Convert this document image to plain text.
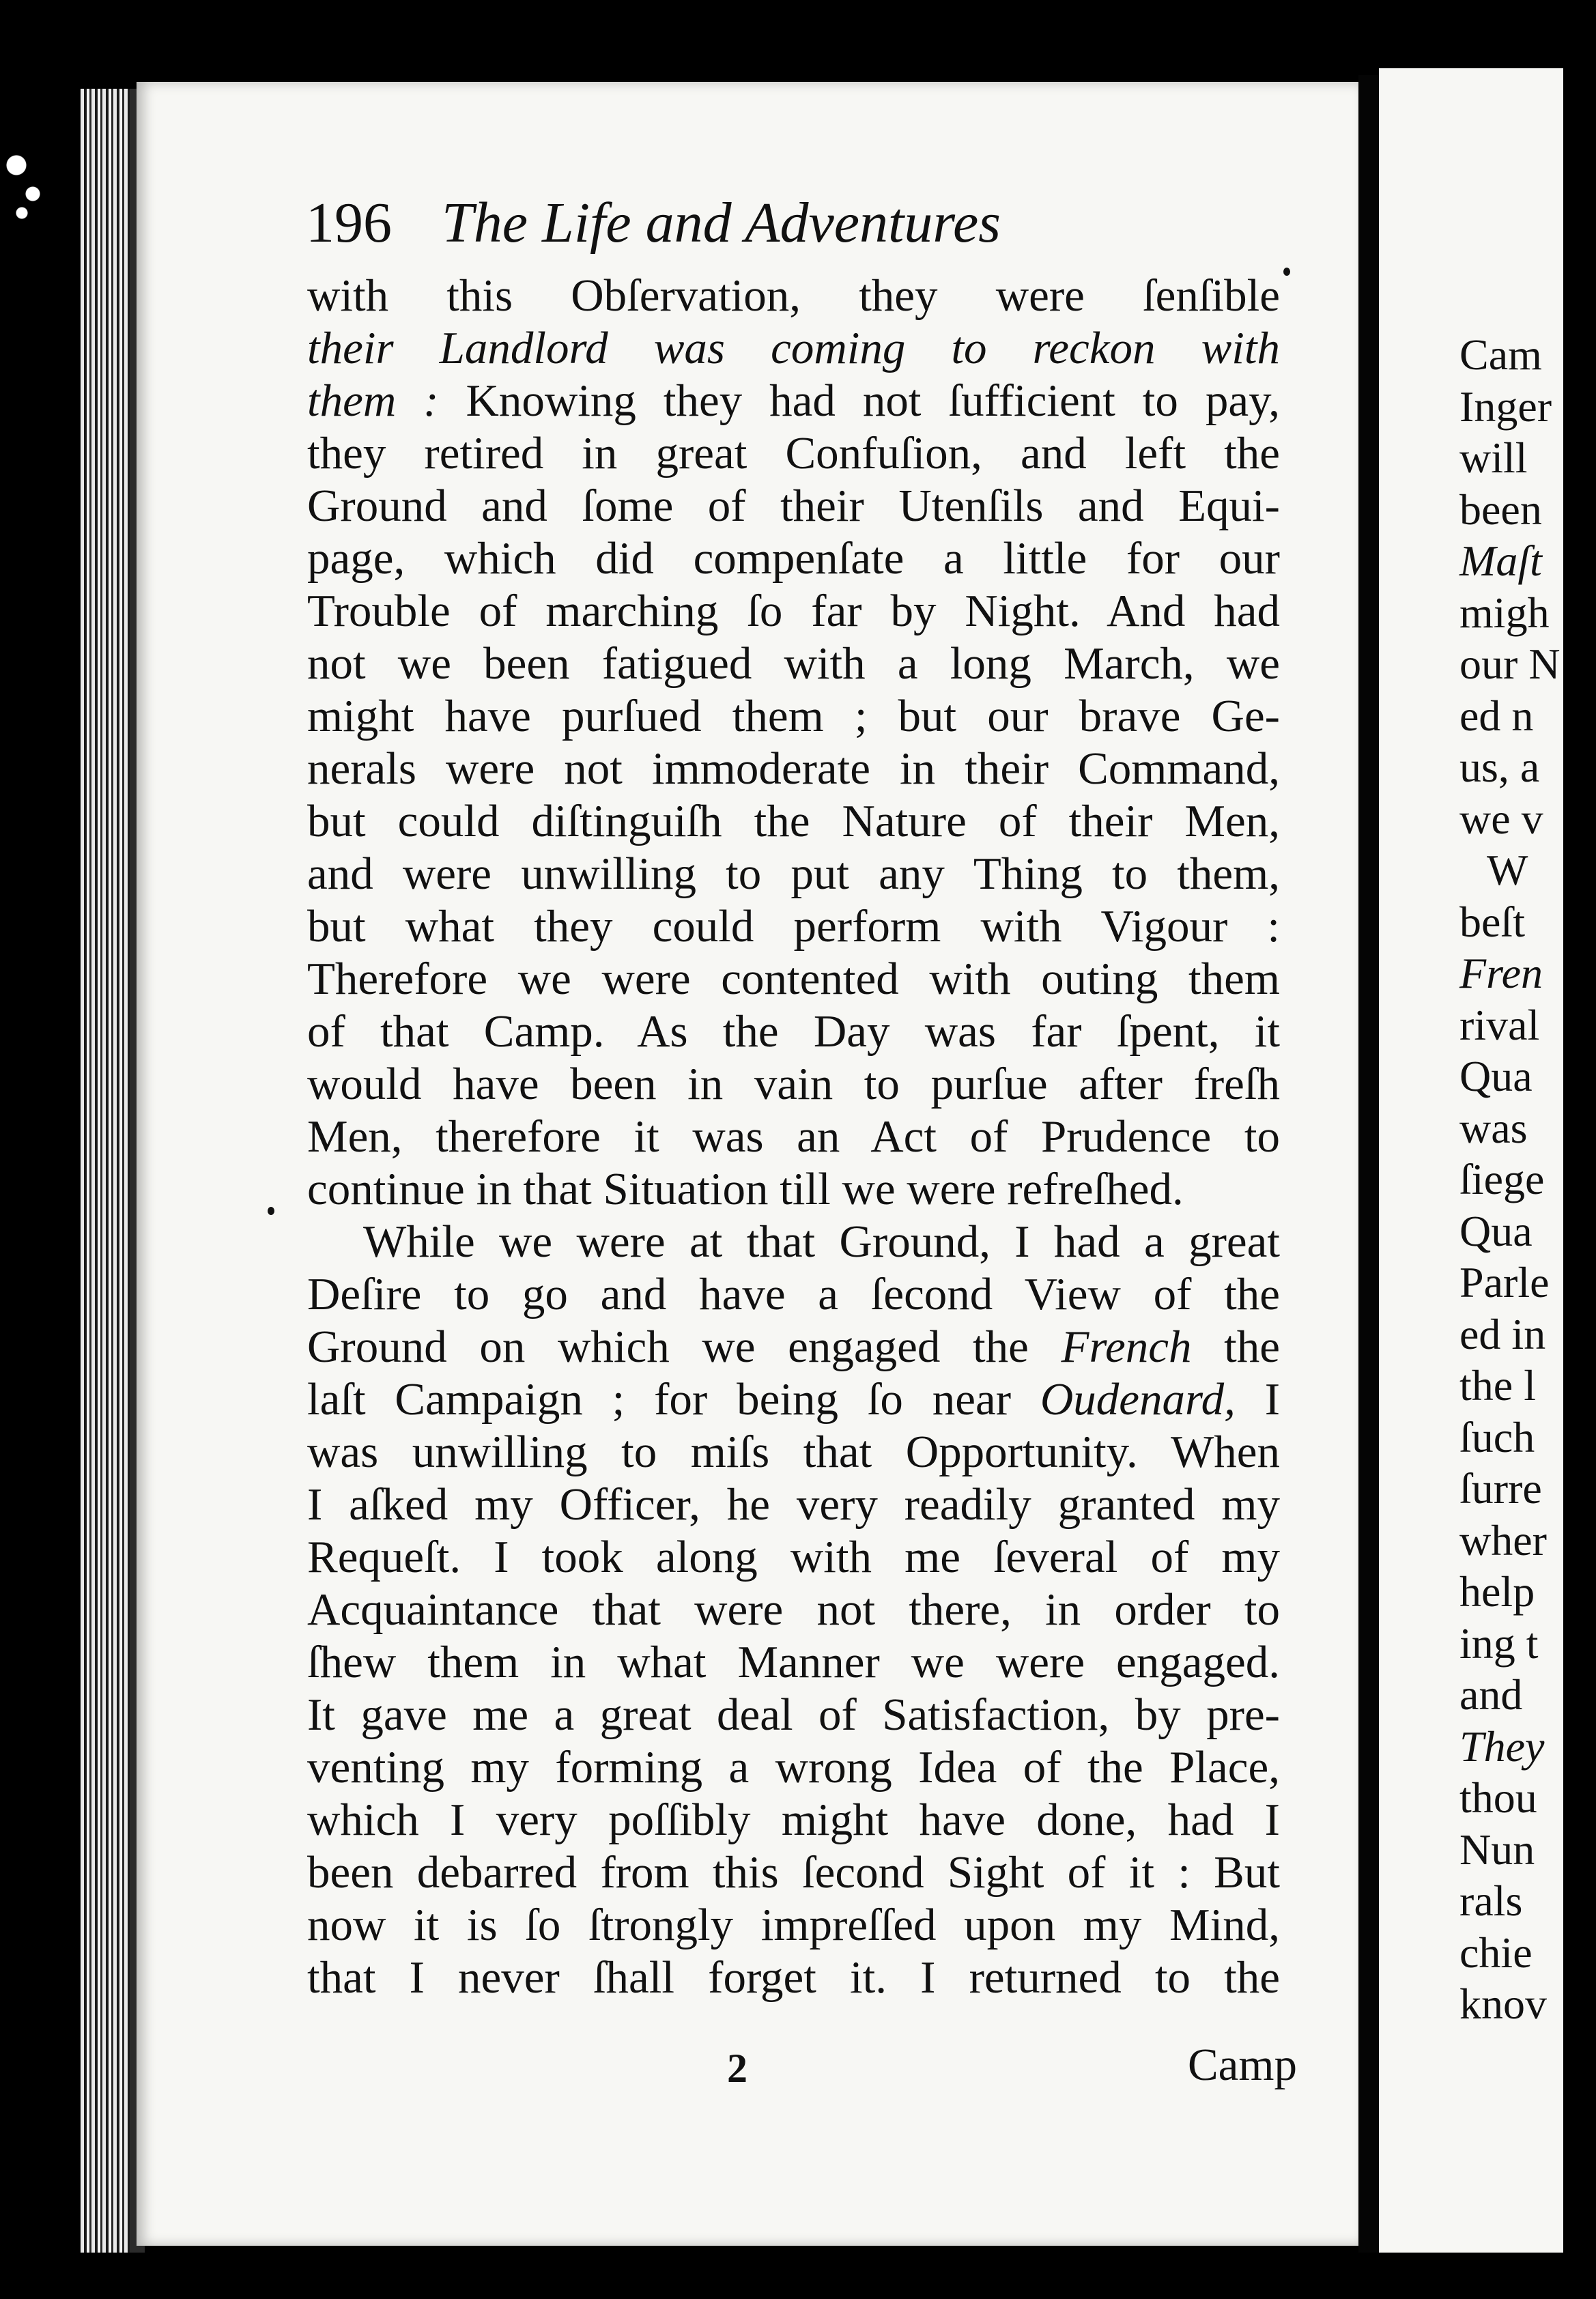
196 The Life and Adventures
with this Obſervation, they were ſenſible
their Landlord was coming to reckon with
them : Knowing they had not ſufficient to pay,
they retired in great Confuſion, and left the
Ground and ſome of their Utenſils and Equi-
page, which did compenſate a little for our
Trouble of marching ſo far by Night. And had
not we been fatigued with a long March, we
might have purſued them ; but our brave Ge-
nerals were not immoderate in their Command,
but could diſtinguiſh the Nature of their Men,
and were unwilling to put any Thing to them,
but what they could perform with Vigour :
Therefore we were contented with outing them
of that Camp. As the Day was far ſpent, it
would have been in vain to purſue after freſh
Men, therefore it was an Act of Prudence to
continue in that Situation till we were refreſhed.
While we were at that Ground, I had a great
Deſire to go and have a ſecond View of the
Ground on which we engaged the French the
laſt Campaign ; for being ſo near Oudenard, I
was unwilling to miſs that Opportunity. When
I aſked my Officer, he very readily granted my
Requeſt. I took along with me ſeveral of my
Acquaintance that were not there, in order to
ſhew them in what Manner we were engaged.
It gave me a great deal of Satisfaction, by pre-
venting my forming a wrong Idea of the Place,
which I very poſſibly might have done, had I
been debarred from this ſecond Sight of it : But
now it is ſo ſtrongly impreſſed upon my Mind,
that I never ſhall forget it. I returned to the
2	Camp
Cam
Inger
will
been
Maſt
migh
our N
ed n
us, a
we v
W
beſt
Fren
rival
Qua
was
ſiege
Qua
Parle
ed in
the l
ſuch
ſurre
wher
help
ing t
and
They
thou
Nun
rals
chie
knov
